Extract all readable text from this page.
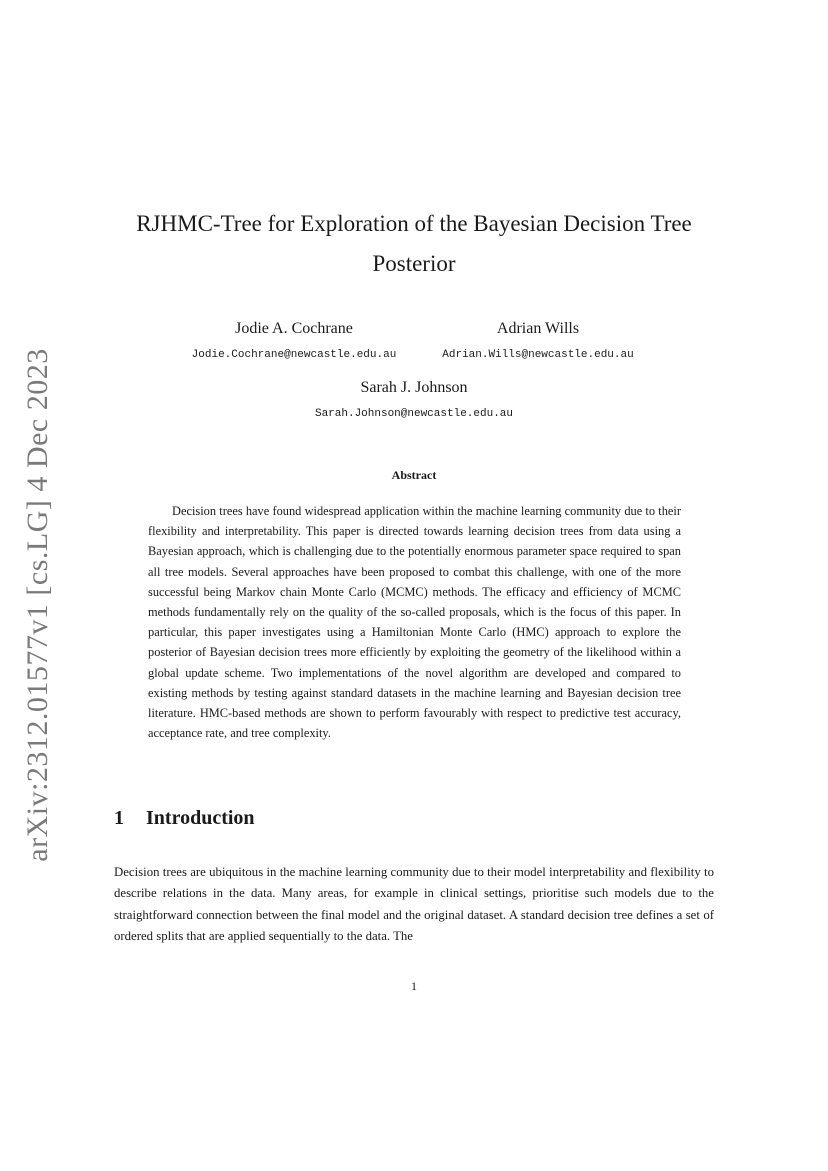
arXiv:2312.01577v1 [cs.LG] 4 Dec 2023
RJHMC-Tree for Exploration of the Bayesian Decision Tree Posterior
Jodie A. Cochrane
Jodie.Cochrane@newcastle.edu.au
Adrian Wills
Adrian.Wills@newcastle.edu.au
Sarah J. Johnson
Sarah.Johnson@newcastle.edu.au
Abstract

Decision trees have found widespread application within the machine learning community due to their flexibility and interpretability. This paper is directed towards learning decision trees from data using a Bayesian approach, which is challenging due to the potentially enormous parameter space required to span all tree models. Several approaches have been proposed to combat this challenge, with one of the more successful being Markov chain Monte Carlo (MCMC) methods. The efficacy and efficiency of MCMC methods fundamentally rely on the quality of the so-called proposals, which is the focus of this paper. In particular, this paper investigates using a Hamiltonian Monte Carlo (HMC) approach to explore the posterior of Bayesian decision trees more efficiently by exploiting the geometry of the likelihood within a global update scheme. Two implementations of the novel algorithm are developed and compared to existing methods by testing against standard datasets in the machine learning and Bayesian decision tree literature. HMC-based methods are shown to perform favourably with respect to predictive test accuracy, acceptance rate, and tree complexity.

1 Introduction

Decision trees are ubiquitous in the machine learning community due to their model interpretability and flexibility to describe relations in the data. Many areas, for example in clinical settings, prioritise such models due to the straightforward connection between the final model and the original dataset. A standard decision tree defines a set of ordered splits that are applied sequentially to the data. The

1
